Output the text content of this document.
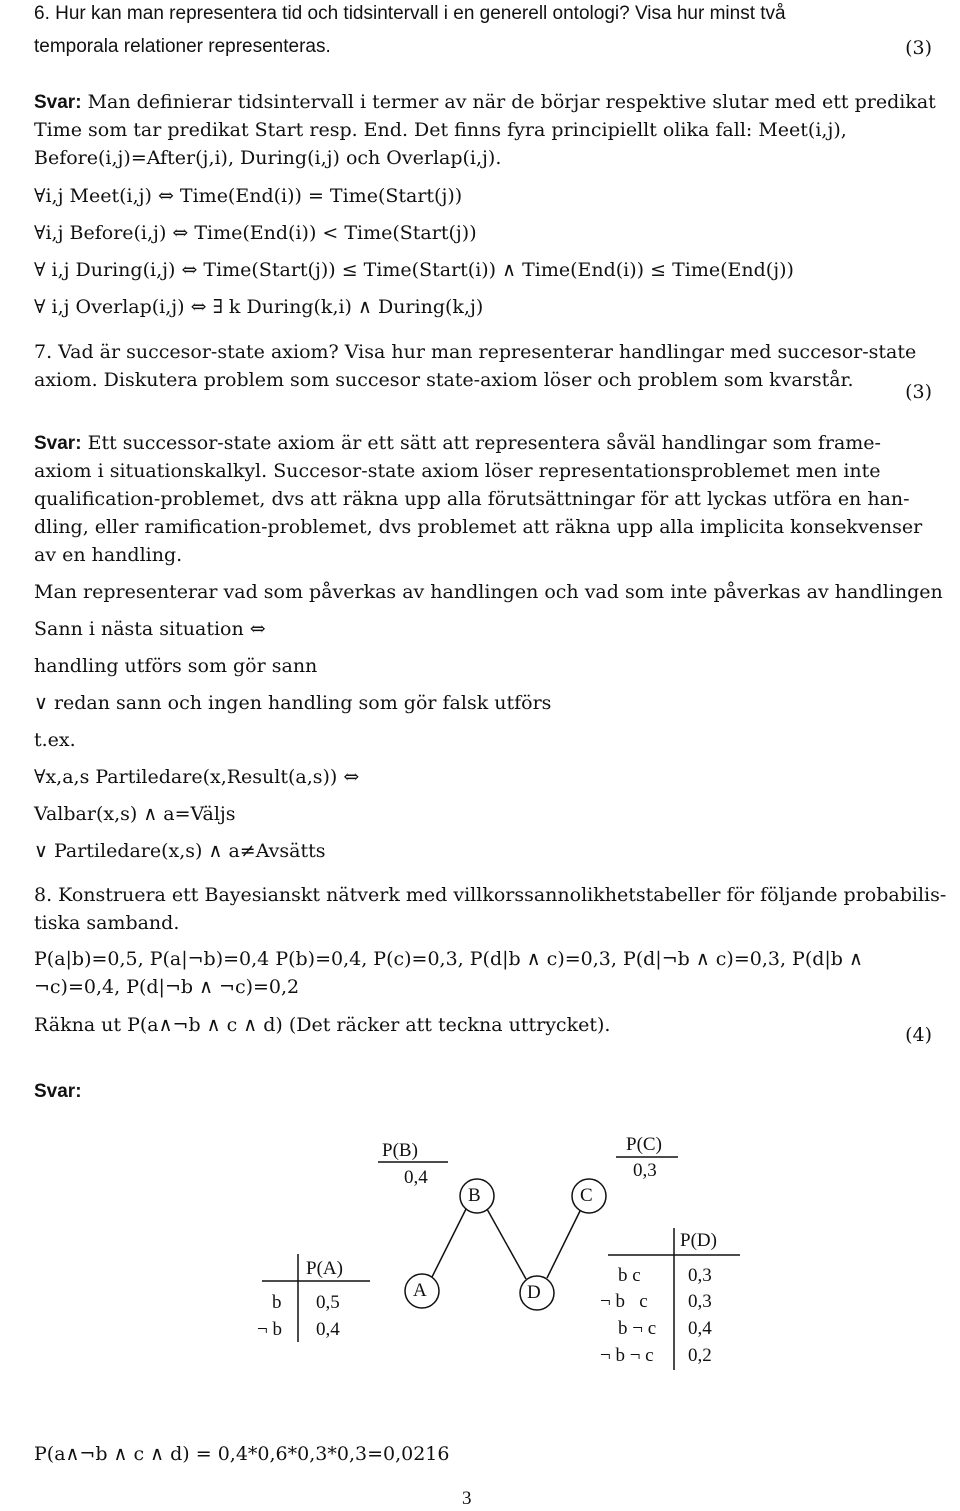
6. Hur kan man representera tid och tidsintervall i en generell ontologi? Visa hur minst två
temporala relationer representeras.	(3)
Svar: Man definierar tidsintervall i termer av när de börjar respektive slutar med ett predikat
Time som tar predikat Start resp. End. Det finns fyra principiellt olika fall: Meet(i,j),
Before(i,j)=After(j,i), During(i,j) och Overlap(i,j).
∀i,j Meet(i,j) ⇔ Time(End(i)) = Time(Start(j))
∀i,j Before(i,j) ⇔ Time(End(i)) < Time(Start(j))
∀ i,j During(i,j) ⇔ Time(Start(j)) ≤ Time(Start(i)) ∧ Time(End(i)) ≤ Time(End(j))
∀ i,j Overlap(i,j) ⇔ ∃ k During(k,i) ∧ During(k,j)
7. Vad är succesor-state axiom? Visa hur man representerar handlingar med succesor-state
axiom. Diskutera problem som succesor state-axiom löser och problem som kvarstår.
(3)
Svar: Ett successor-state axiom är ett sätt att representera såväl handlingar som frame-
axiom i situationskalkyl. Succesor-state axiom löser representationsproblemet men inte
qualification-problemet, dvs att räkna upp alla förutsättningar för att lyckas utföra en han-
dling, eller ramification-problemet, dvs problemet att räkna upp alla implicita konsekvenser
av en handling.
Man representerar vad som påverkas av handlingen och vad som inte påverkas av handlingen
Sann i nästa situation ⇔
handling utförs som gör sann
∨ redan sann och ingen handling som gör falsk utförs
t.ex.
∀x,a,s Partiledare(x,Result(a,s)) ⇔
Valbar(x,s) ∧ a=Väljs
∨ Partiledare(x,s) ∧ a≠Avsätts
8. Konstruera ett Bayesianskt nätverk med villkorssannolikhetstabeller för följande probabilis-
tiska samband.
P(a|b)=0,5, P(a|¬b)=0,4 P(b)=0,4, P(c)=0,3, P(d|b ∧ c)=0,3, P(d|¬b ∧ c)=0,3, P(d|b ∧
¬c)=0,4, P(d|¬b ∧ ¬c)=0,2
Räkna ut P(a∧¬b ∧ c ∧ d) (Det räcker att teckna uttrycket).	(4)
Svar:
A
B	C
D
P(B)
0,4
P(C)
0,3
P(A)
b 0,5
¬ b 0,4
P(D)
b c 0,3
¬ b   c 0,3
b ¬ c 0,4
¬ b ¬ c 0,2
P(a∧¬b ∧ c ∧ d) = 0,4*0,6*0,3*0,3=0,0216
3
